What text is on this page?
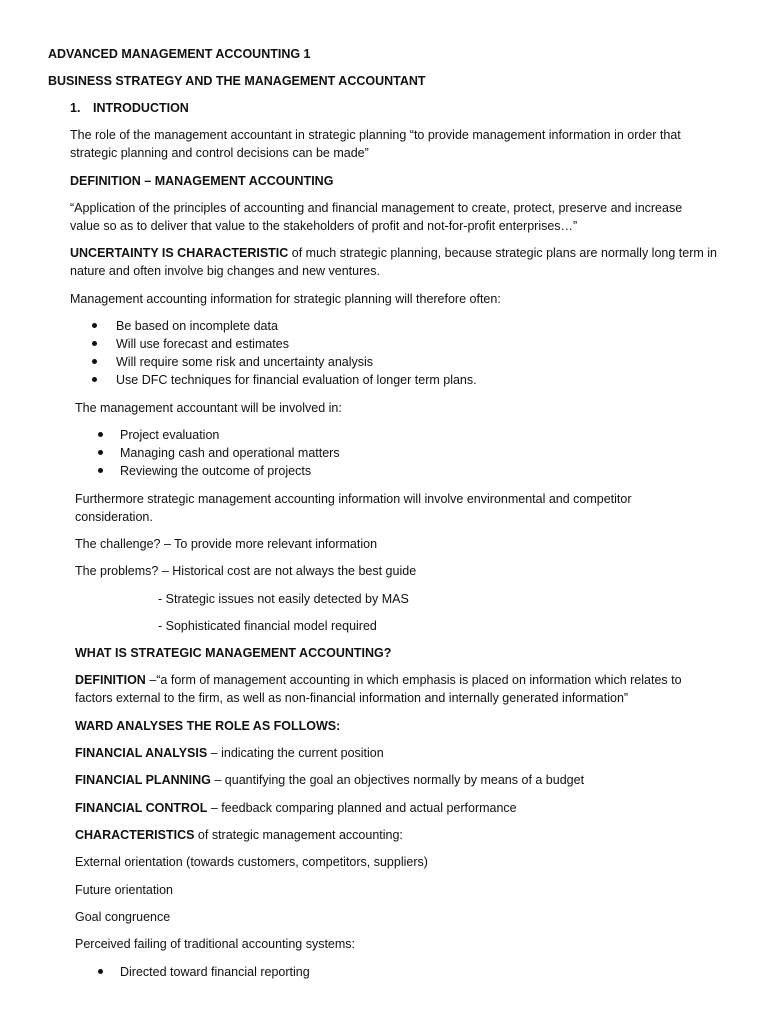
ADVANCED MANAGEMENT ACCOUNTING 1
BUSINESS STRATEGY AND THE MANAGEMENT ACCOUNTANT
1. INTRODUCTION
The role of the management accountant in strategic planning “to provide management information in order that
strategic planning and control decisions can be made”
DEFINITION – MANAGEMENT ACCOUNTING
“Application of the principles of accounting and financial management to create, protect, preserve and increase
value so as to deliver that value to the stakeholders of profit and not-for-profit enterprises…”
UNCERTAINTY IS CHARACTERISTIC of much strategic planning, because strategic plans are normally long term in
nature and often involve big changes and new ventures.
Management accounting information for strategic planning will therefore often:
Be based on incomplete data
Will use forecast and estimates
Will require some risk and uncertainty analysis
Use DFC techniques for financial evaluation of longer term plans.
The management accountant will be involved in:
Project evaluation
Managing cash and operational matters
Reviewing the outcome of projects
Furthermore strategic management accounting information will involve environmental and competitor
consideration.
The challenge? – To provide more relevant information
The problems? – Historical cost are not always the best guide
- Strategic issues not easily detected by MAS
- Sophisticated financial model required
WHAT IS STRATEGIC MANAGEMENT ACCOUNTING?
DEFINITION –“a form of management accounting in which emphasis is placed on information which relates to
factors external to the firm, as well as non-financial information and internally generated information”
WARD ANALYSES THE ROLE AS FOLLOWS:
FINANCIAL ANALYSIS – indicating the current position
FINANCIAL PLANNING – quantifying the goal an objectives normally by means of a budget
FINANCIAL CONTROL – feedback comparing planned and actual performance
CHARACTERISTICS of strategic management accounting:
External orientation (towards customers, competitors, suppliers)
Future orientation
Goal congruence
Perceived failing of traditional accounting systems:
Directed toward financial reporting
